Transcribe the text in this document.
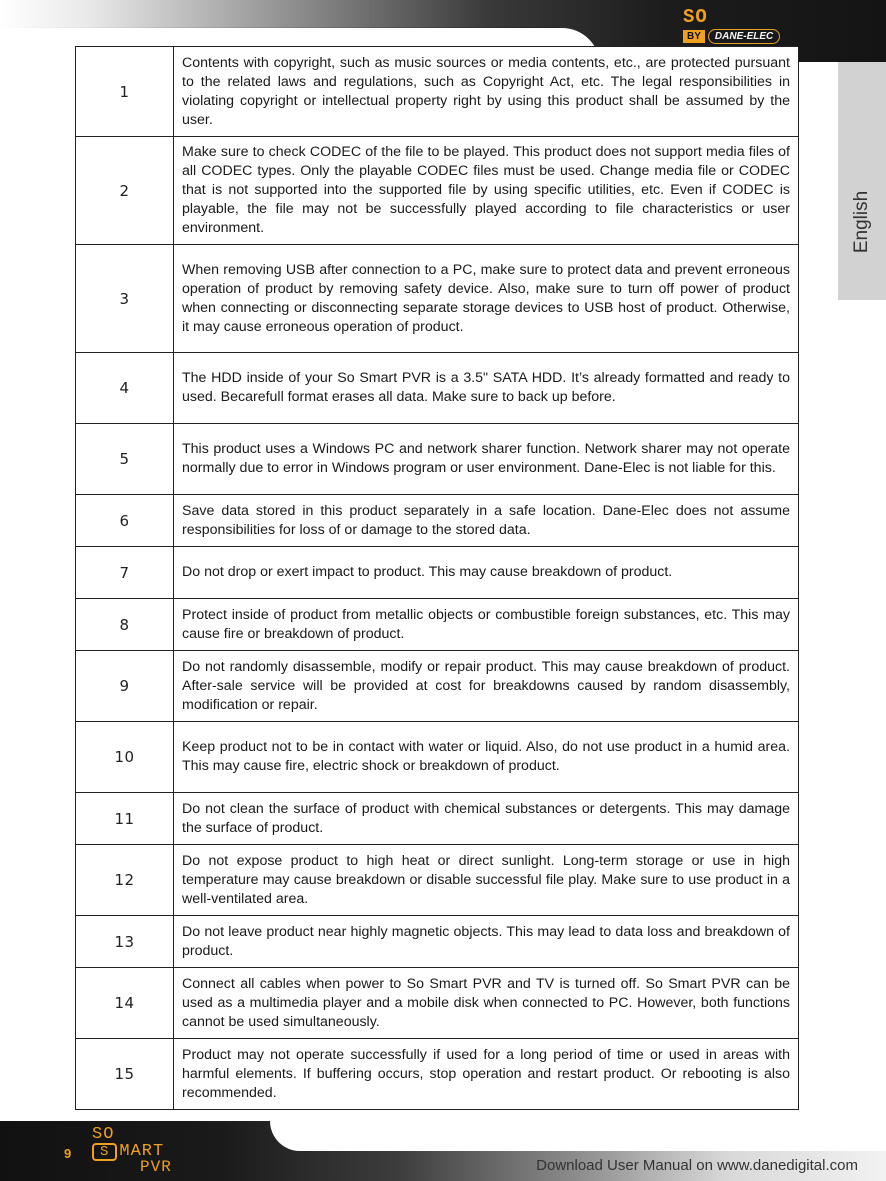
SO
BY	DANE-ELEC
English
1	Contents with copyright, such as music sources or media contents, etc., are protected pursuant to the related laws and regulations, such as Copyright Act, etc. The legal responsibilities in violating copyright or intellectual property right by using this product shall be assumed by the user.
2	Make sure to check CODEC of the file to be played. This product does not support media files of all CODEC types. Only the playable CODEC files must be used. Change media file or CODEC that is not supported into the supported file by using specific utilities, etc. Even if CODEC is playable, the file may not be successfully played according to file characteristics or user environment.
3	When removing USB after connection to a PC, make sure to protect data and prevent erroneous operation of product by removing safety device. Also, make sure to turn off power of product when connecting or disconnecting separate storage devices to USB host of product. Otherwise, it may cause erroneous operation of product.
4	The HDD inside of your So Smart PVR is a 3.5" SATA HDD. It’s already formatted and ready to used. Becarefull format erases all data. Make sure to back up before.
5	This product uses a Windows PC and network sharer function. Network sharer may not operate normally due to error in Windows program or user environment. Dane-Elec is not liable for this.
6	Save data stored in this product separately in a safe location. Dane-Elec does not assume responsibilities for loss of or damage to the stored data.
7	Do not drop or exert impact to product. This may cause breakdown of product.
8	Protect inside of product from metallic objects or combustible foreign substances, etc. This may cause fire or breakdown of product.
9	Do not randomly disassemble, modify or repair product. This may cause breakdown of product. After-sale service will be provided at cost for breakdowns caused by random disassembly, modification or repair.
10	Keep product not to be in contact with water or liquid. Also, do not use product in a humid area. This may cause fire, electric shock or breakdown of product.
11	Do not clean the surface of product with chemical substances or detergents. This may damage the surface of product.
12	Do not expose product to high heat or direct sunlight. Long-term storage or use in high temperature may cause breakdown or disable successful file play. Make sure to use product in a well-ventilated area.
13	Do not leave product near highly magnetic objects. This may lead to data loss and breakdown of product.
14	Connect all cables when power to So Smart PVR and TV is turned off. So Smart PVR can be used as a multimedia player and a mobile disk when connected to PC. However, both functions cannot be used simultaneously.
15	Product may not operate successfully if used for a long period of time or used in areas with harmful elements. If buffering occurs, stop operation and restart product. Or rebooting is also recommended.
9
SO
S MART
PVR	Download User Manual on www.danedigital.com
